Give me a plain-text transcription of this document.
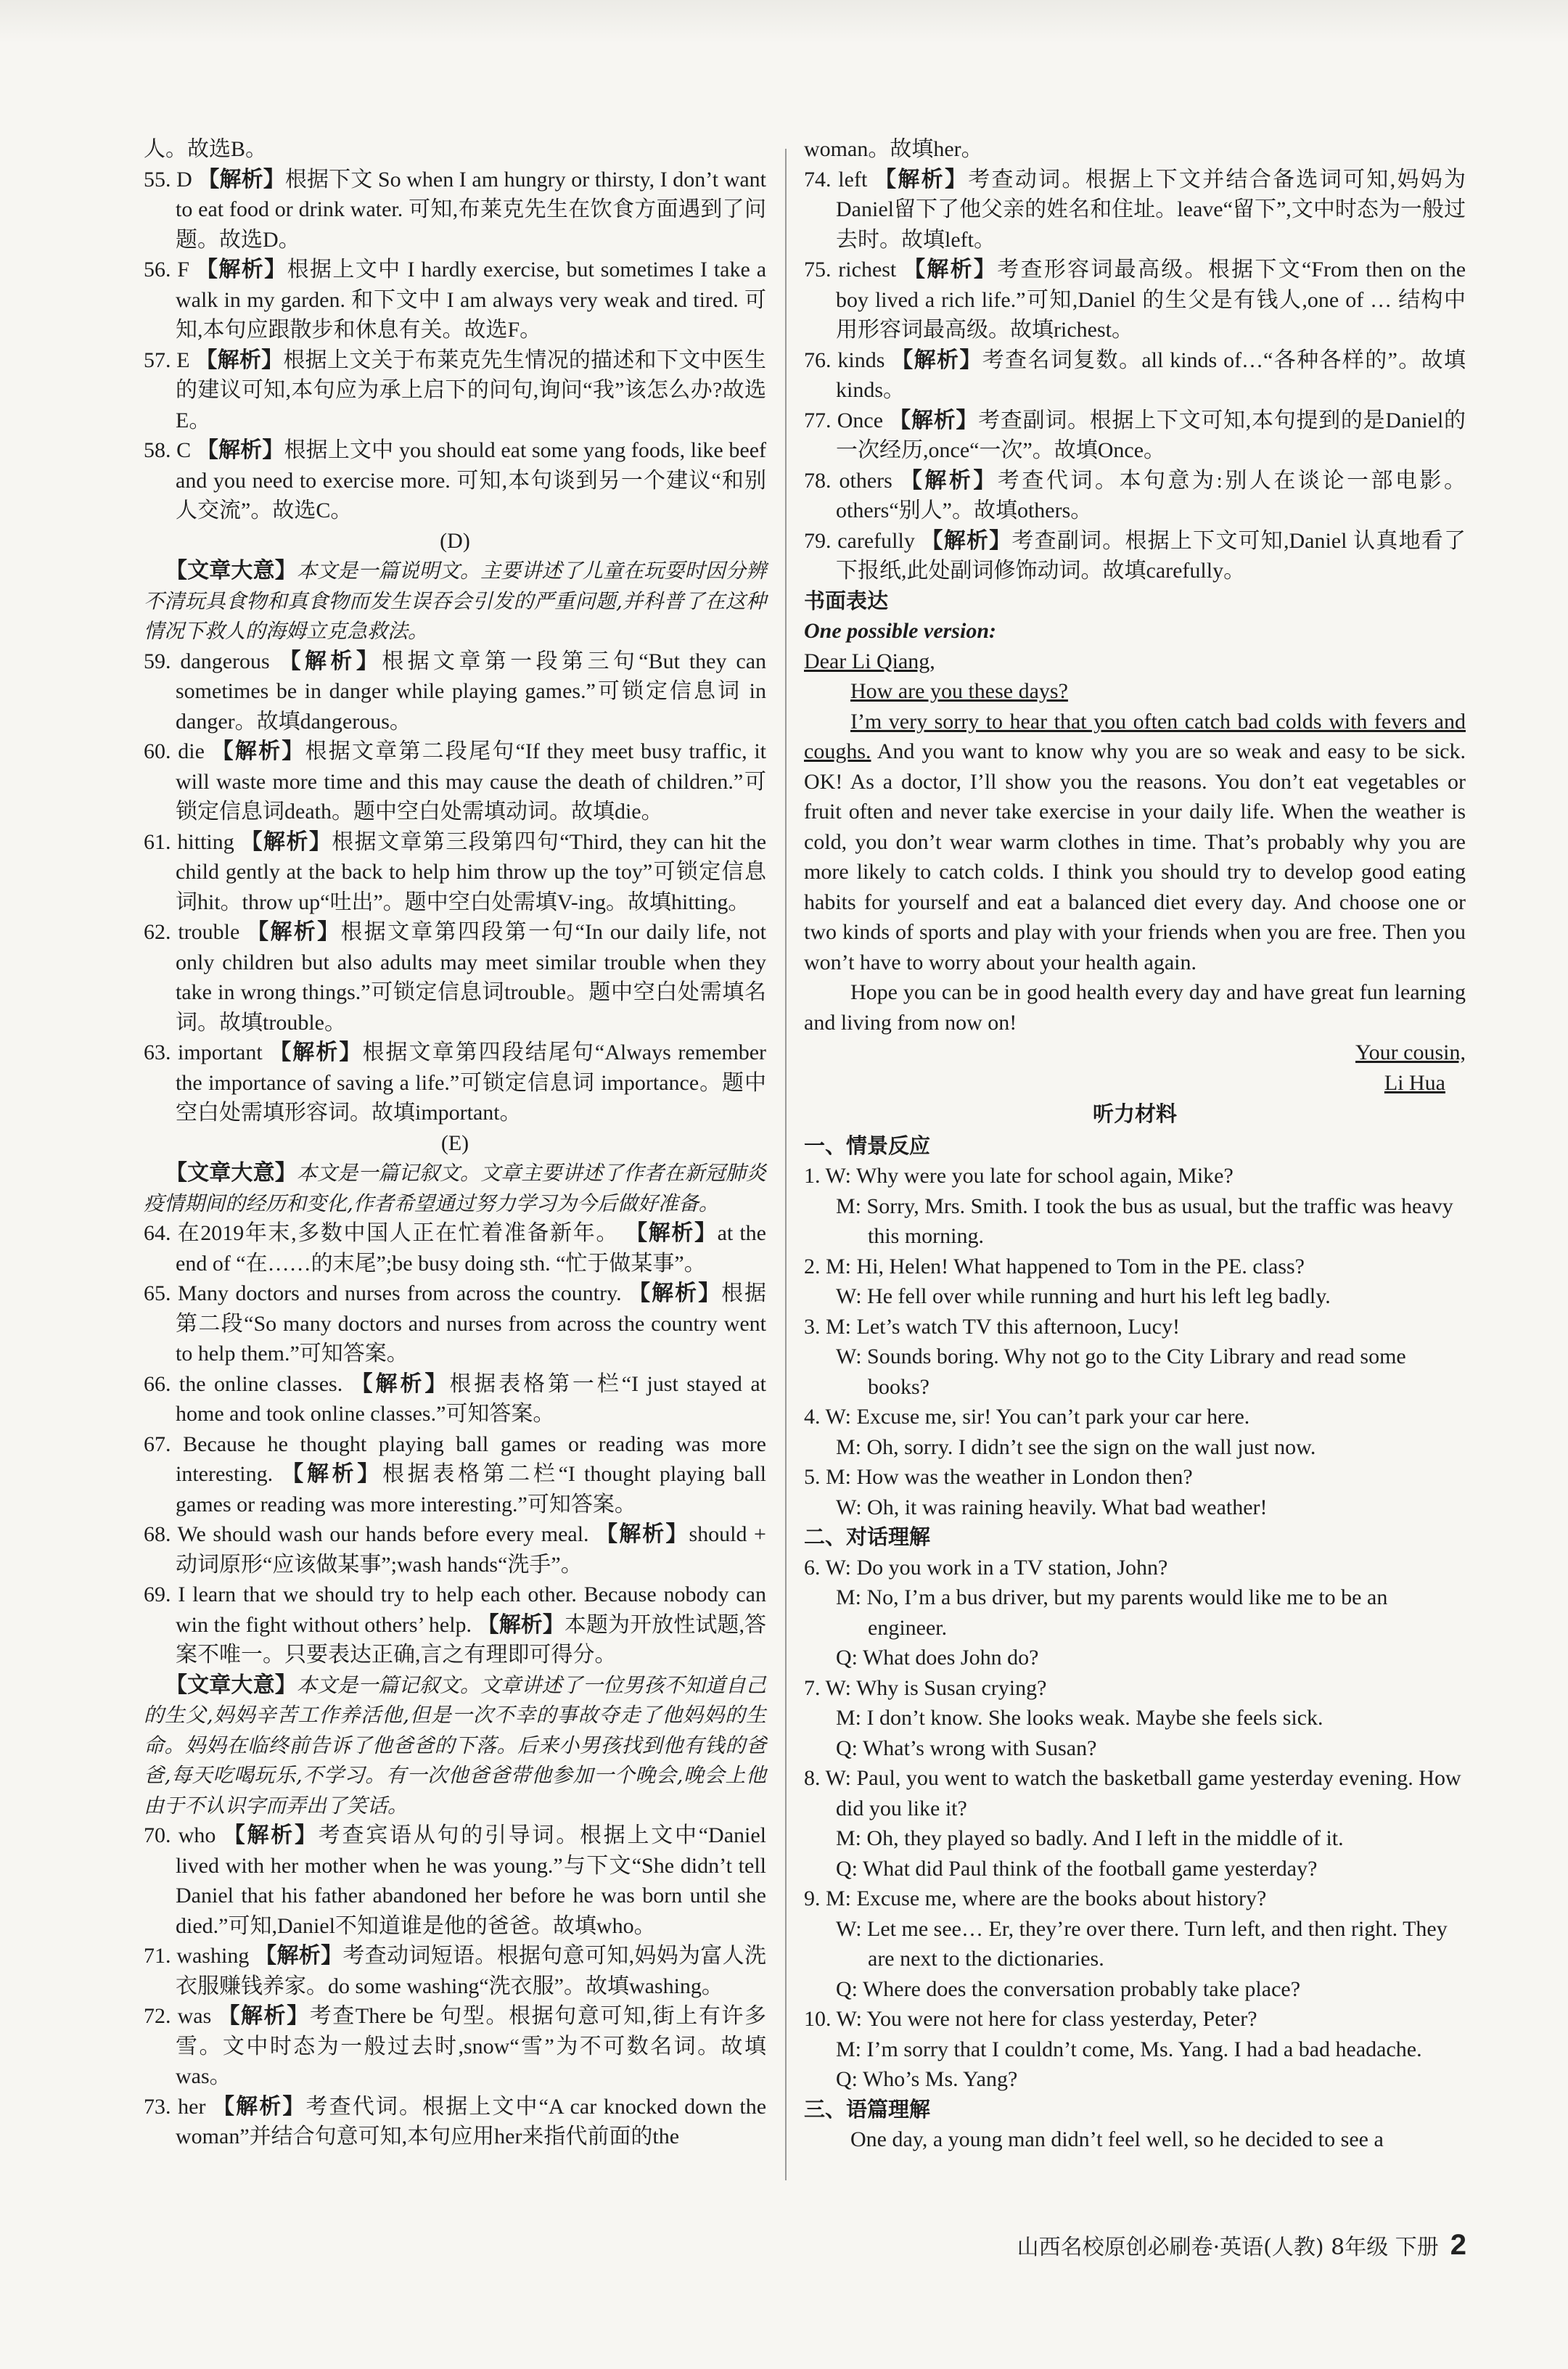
人。故选B。

55. D 【解析】根据下文 So when I am hungry or thirsty, I don’t want to eat food or drink water. 可知,布莱克先生在饮食方面遇到了问题。故选D。

56. F 【解析】根据上文中 I hardly exercise, but sometimes I take a walk in my garden. 和下文中 I am always very weak and tired. 可知,本句应跟散步和休息有关。故选F。

57. E 【解析】根据上文关于布莱克先生情况的描述和下文中医生的建议可知,本句应为承上启下的问句,询问“我”该怎么办?故选E。

58. C 【解析】根据上文中 you should eat some yang foods, like beef and you need to exercise more. 可知,本句谈到另一个建议“和别人交流”。故选C。

(D)

【文章大意】本文是一篇说明文。主要讲述了儿童在玩耍时因分辨不清玩具食物和真食物而发生误吞会引发的严重问题,并科普了在这种情况下救人的海姆立克急救法。

59. dangerous 【解析】根据文章第一段第三句“But they can sometimes be in danger while playing games.”可锁定信息词 in danger。故填dangerous。

60. die 【解析】根据文章第二段尾句“If they meet busy traffic, it will waste more time and this may cause the death of children.”可锁定信息词death。题中空白处需填动词。故填die。

61. hitting 【解析】根据文章第三段第四句“Third, they can hit the child gently at the back to help him throw up the toy”可锁定信息词hit。throw up“吐出”。题中空白处需填V-ing。故填hitting。

62. trouble 【解析】根据文章第四段第一句“In our daily life, not only children but also adults may meet similar trouble when they take in wrong things.”可锁定信息词trouble。题中空白处需填名词。故填trouble。

63. important 【解析】根据文章第四段结尾句“Always remember the importance of saving a life.”可锁定信息词 importance。题中空白处需填形容词。故填important。

(E)

【文章大意】本文是一篇记叙文。文章主要讲述了作者在新冠肺炎疫情期间的经历和变化,作者希望通过努力学习为今后做好准备。

64. 在2019年末,多数中国人正在忙着准备新年。 【解析】at the end of “在……的末尾”;be busy doing sth. “忙于做某事”。

65. Many doctors and nurses from across the country. 【解析】根据第二段“So many doctors and nurses from across the country went to help them.”可知答案。

66. the online classes. 【解析】根据表格第一栏“I just stayed at home and took online classes.”可知答案。

67. Because he thought playing ball games or reading was more interesting. 【解析】根据表格第二栏“I thought playing ball games or reading was more interesting.”可知答案。

68. We should wash our hands before every meal. 【解析】should + 动词原形“应该做某事”;wash hands“洗手”。

69. I learn that we should try to help each other. Because nobody can win the fight without others’ help. 【解析】本题为开放性试题,答案不唯一。只要表达正确,言之有理即可得分。

【文章大意】本文是一篇记叙文。文章讲述了一位男孩不知道自己的生父,妈妈辛苦工作养活他,但是一次不幸的事故夺走了他妈妈的生命。妈妈在临终前告诉了他爸爸的下落。后来小男孩找到他有钱的爸爸,每天吃喝玩乐,不学习。有一次他爸爸带他参加一个晚会,晚会上他由于不认识字而弄出了笑话。

70. who 【解析】考查宾语从句的引导词。根据上文中“Daniel lived with her mother when he was young.”与下文“She didn’t tell Daniel that his father abandoned her before he was born until she died.”可知,Daniel不知道谁是他的爸爸。故填who。

71. washing 【解析】考查动词短语。根据句意可知,妈妈为富人洗衣服赚钱养家。do some washing“洗衣服”。故填washing。

72. was 【解析】考查There be 句型。根据句意可知,街上有许多雪。文中时态为一般过去时,snow“雪”为不可数名词。故填was。

73. her 【解析】考查代词。根据上文中“A car knocked down the woman”并结合句意可知,本句应用her来指代前面的the

woman。故填her。

74. left 【解析】考查动词。根据上下文并结合备选词可知,妈妈为Daniel留下了他父亲的姓名和住址。leave“留下”,文中时态为一般过去时。故填left。

75. richest 【解析】考查形容词最高级。根据下文“From then on the boy lived a rich life.”可知,Daniel 的生父是有钱人,one of … 结构中用形容词最高级。故填richest。

76. kinds 【解析】考查名词复数。all kinds of…“各种各样的”。故填kinds。

77. Once 【解析】考查副词。根据上下文可知,本句提到的是Daniel的一次经历,once“一次”。故填Once。

78. others 【解析】考查代词。本句意为:别人在谈论一部电影。others“别人”。故填others。

79. carefully 【解析】考查副词。根据上下文可知,Daniel 认真地看了下报纸,此处副词修饰动词。故填carefully。

书面表达

One possible version:

Dear Li Qiang,

How are you these days?

I’m very sorry to hear that you often catch bad colds with fevers and coughs. And you want to know why you are so weak and easy to be sick. OK! As a doctor, I’ll show you the reasons. You don’t eat vegetables or fruit often and never take exercise in your daily life. When the weather is cold, you don’t wear warm clothes in time. That’s probably why you are more likely to catch colds. I think you should try to develop good eating habits for yourself and eat a balanced diet every day. And choose one or two kinds of sports and play with your friends when you are free. Then you won’t have to worry about your health again.

Hope you can be in good health every day and have great fun learning and living from now on!

Your cousin,

Li Hua

听力材料

一、情景反应

1. W: Why were you late for school again, Mike?

M: Sorry, Mrs. Smith. I took the bus as usual, but the traffic was heavy this morning.

2. M: Hi, Helen! What happened to Tom in the PE. class?

W: He fell over while running and hurt his left leg badly.

3. M: Let’s watch TV this afternoon, Lucy!

W: Sounds boring. Why not go to the City Library and read some books?

4. W: Excuse me, sir! You can’t park your car here.

M: Oh, sorry. I didn’t see the sign on the wall just now.

5. M: How was the weather in London then?

W: Oh, it was raining heavily. What bad weather!

二、对话理解

6. W: Do you work in a TV station, John?

M: No, I’m a bus driver, but my parents would like me to be an engineer.

Q: What does John do?

7. W: Why is Susan crying?

M: I don’t know. She looks weak. Maybe she feels sick.

Q: What’s wrong with Susan?

8. W: Paul, you went to watch the basketball game yesterday evening. How did you like it?

M: Oh, they played so badly. And I left in the middle of it.

Q: What did Paul think of the football game yesterday?

9. M: Excuse me, where are the books about history?

W: Let me see… Er, they’re over there. Turn left, and then right. They are next to the dictionaries.

Q: Where does the conversation probably take place?

10. W: You were not here for class yesterday, Peter?

M: I’m sorry that I couldn’t come, Ms. Yang. I had a bad headache.

Q: Who’s Ms. Yang?

三、语篇理解

One day, a young man didn’t feel well, so he decided to see a

山西名校原创必刷卷·英语(人教) 8年级 下册 2
